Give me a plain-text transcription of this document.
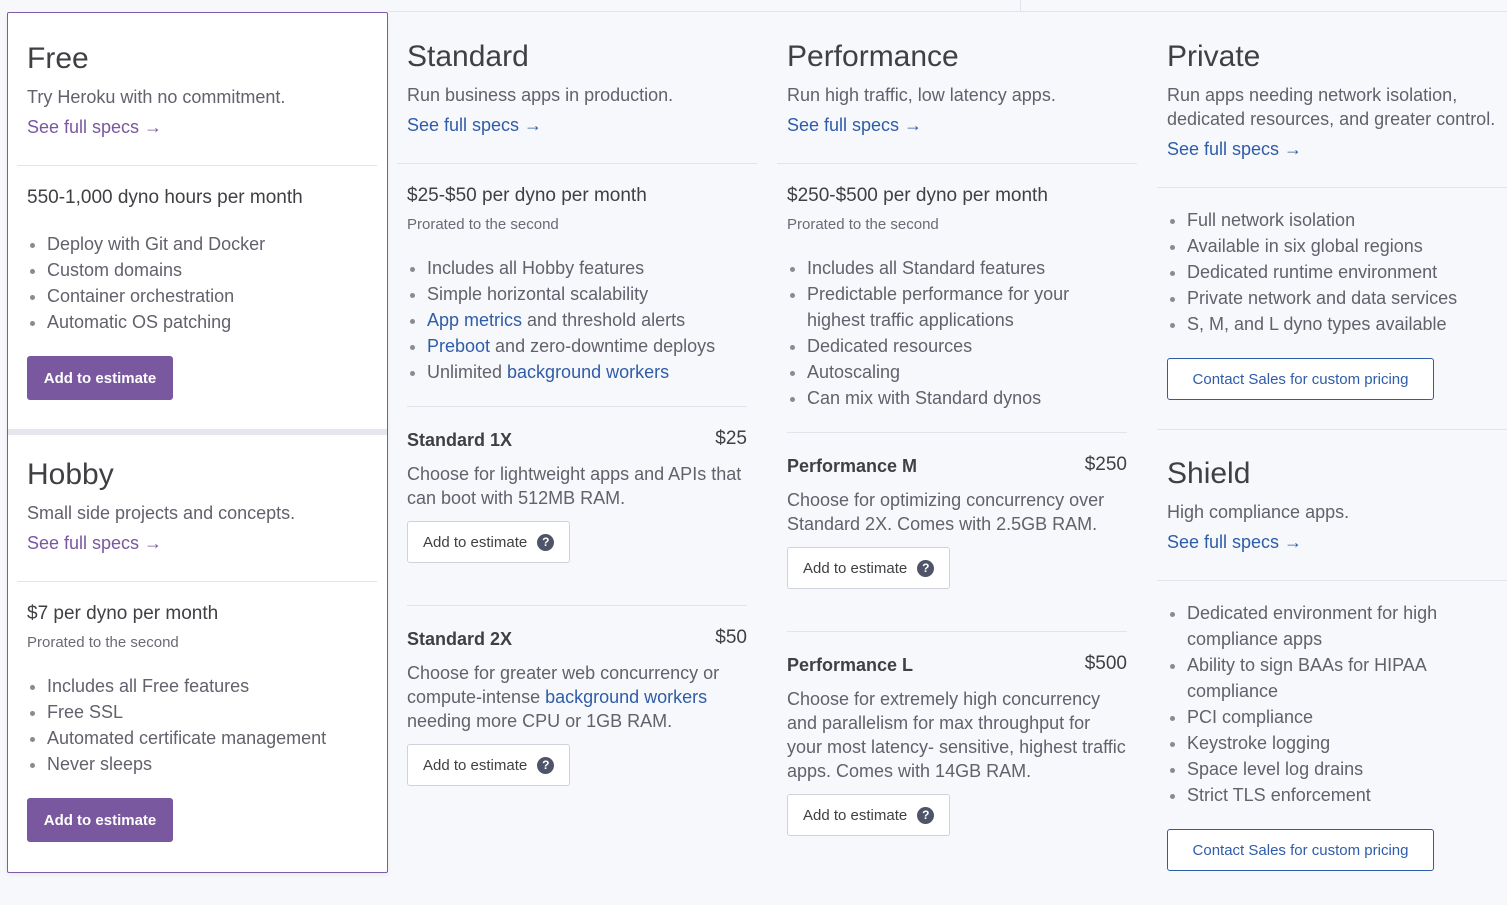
Free
Try Heroku with no commitment.
See full specs →
550-1,000 dyno hours per month
• Deploy with Git and Docker
• Custom domains
• Container orchestration
• Automatic OS patching
Add to estimate
Hobby
Small side projects and concepts.
See full specs →
$7 per dyno per month
Prorated to the second
• Includes all Free features
• Free SSL
• Automated certificate management
• Never sleeps
Add to estimate
Standard
Run business apps in production.
See full specs →
$25-$50 per dyno per month
Prorated to the second
• Includes all Hobby features
• Simple horizontal scalability
• App metrics and threshold alerts
• Preboot and zero-downtime deploys
• Unlimited background workers
Standard 1X	$25
Choose for lightweight apps and APIs that can boot with 512MB RAM.
Add to estimate	?
Standard 2X	$50
Choose for greater web concurrency or compute-intense background workers needing more CPU or 1GB RAM.
Add to estimate	?
Performance
Run high traffic, low latency apps.
See full specs →
$250-$500 per dyno per month
Prorated to the second
• Includes all Standard features
• Predictable performance for your highest traffic applications
• Dedicated resources
• Autoscaling
• Can mix with Standard dynos
Performance M	$250
Choose for optimizing concurrency over Standard 2X. Comes with 2.5GB RAM.
Add to estimate	?
Performance L	$500
Choose for extremely high concurrency and parallelism for max throughput for your most latency- sensitive, highest traffic apps. Comes with 14GB RAM.
Add to estimate	?
Private
Run apps needing network isolation, dedicated resources, and greater control.
See full specs →
• Full network isolation
• Available in six global regions
• Dedicated runtime environment
• Private network and data services
• S, M, and L dyno types available
Contact Sales for custom pricing
Shield
High compliance apps.
See full specs →
• Dedicated environment for high compliance apps
• Ability to sign BAAs for HIPAA compliance
• PCI compliance
• Keystroke logging
• Space level log drains
• Strict TLS enforcement
Contact Sales for custom pricing
